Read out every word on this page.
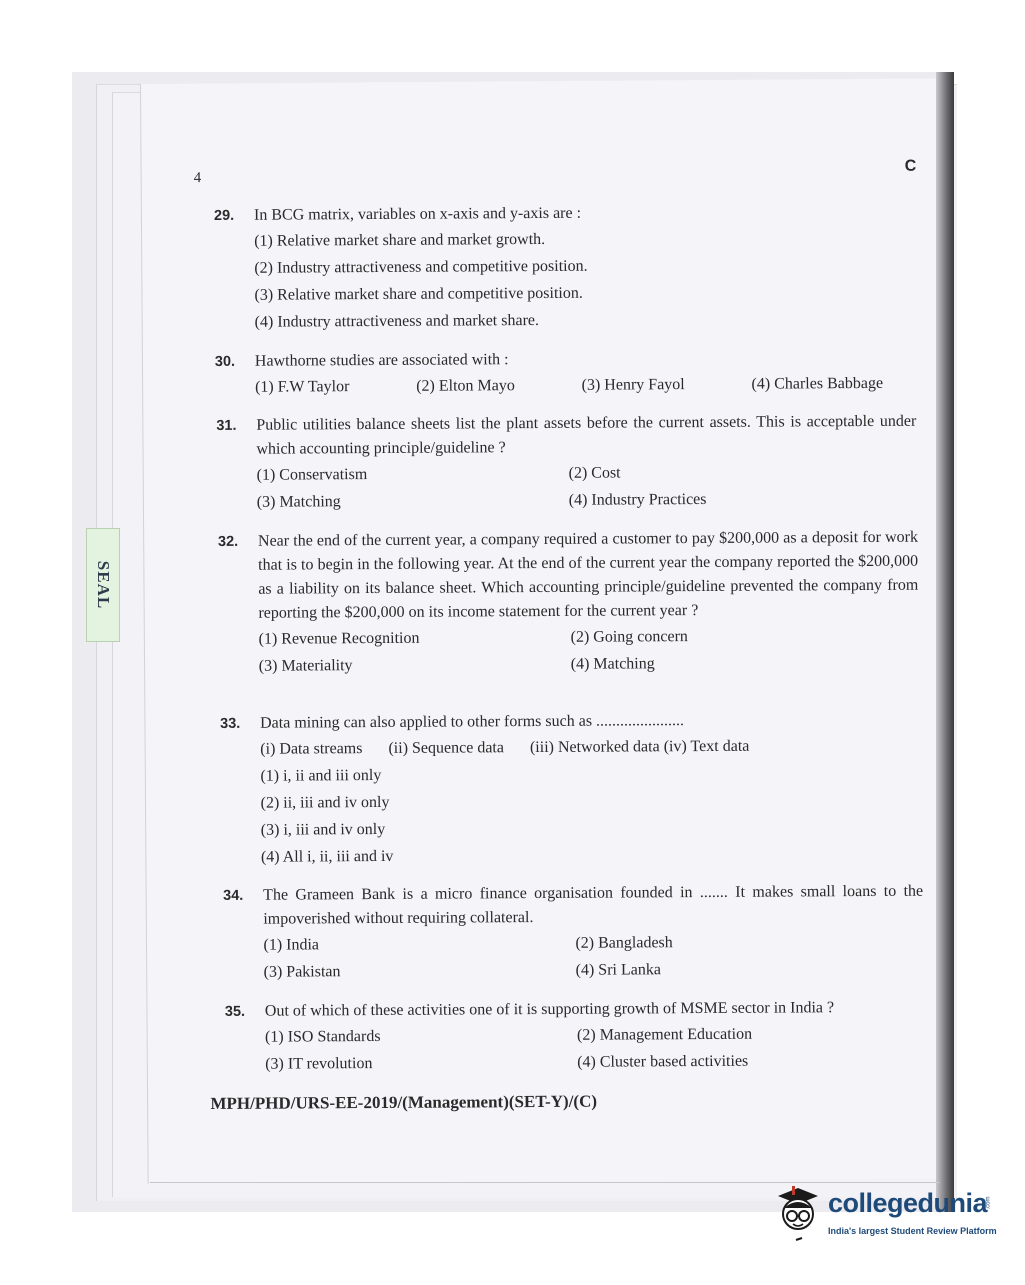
SEAL
4
C
29. In BCG matrix, variables on x-axis and y-axis are :
(1) Relative market share and market growth.
(2) Industry attractiveness and competitive position.
(3) Relative market share and competitive position.
(4) Industry attractiveness and market share.
30. Hawthorne studies are associated with :
(1) F.W Taylor	(2) Elton Mayo	(3) Henry Fayol	(4) Charles Babbage
31. Public utilities balance sheets list the plant assets before the current assets. This is acceptable under which accounting principle/guideline ?
(1) Conservatism	(2) Cost
(3) Matching	(4) Industry Practices
32. Near the end of the current year, a company required a customer to pay $200,000 as a deposit for work that is to begin in the following year. At the end of the current year the company reported the $200,000 as a liability on its balance sheet. Which accounting principle/guideline prevented the company from reporting the $200,000 on its income statement for the current year ?
(1) Revenue Recognition	(2) Going concern
(3) Materiality	(4) Matching
33. Data mining can also applied to other forms such as ......................
(i) Data streams (ii) Sequence data (iii) Networked data (iv) Text data
(1) i, ii and iii only
(2) ii, iii and iv only
(3) i, iii and iv only
(4) All i, ii, iii and iv
34. The Grameen Bank is a micro finance organisation founded in ....... It makes small loans to the impoverished without requiring collateral.
(1) India	(2) Bangladesh
(3) Pakistan	(4) Sri Lanka
35. Out of which of these activities one of it is supporting growth of MSME sector in India ?
(1) ISO Standards	(2) Management Education
(3) IT revolution	(4) Cluster based activities
MPH/PHD/URS-EE-2019/(Management)(SET-Y)/(C)
collegedunia
.com
India's largest Student Review Platform
